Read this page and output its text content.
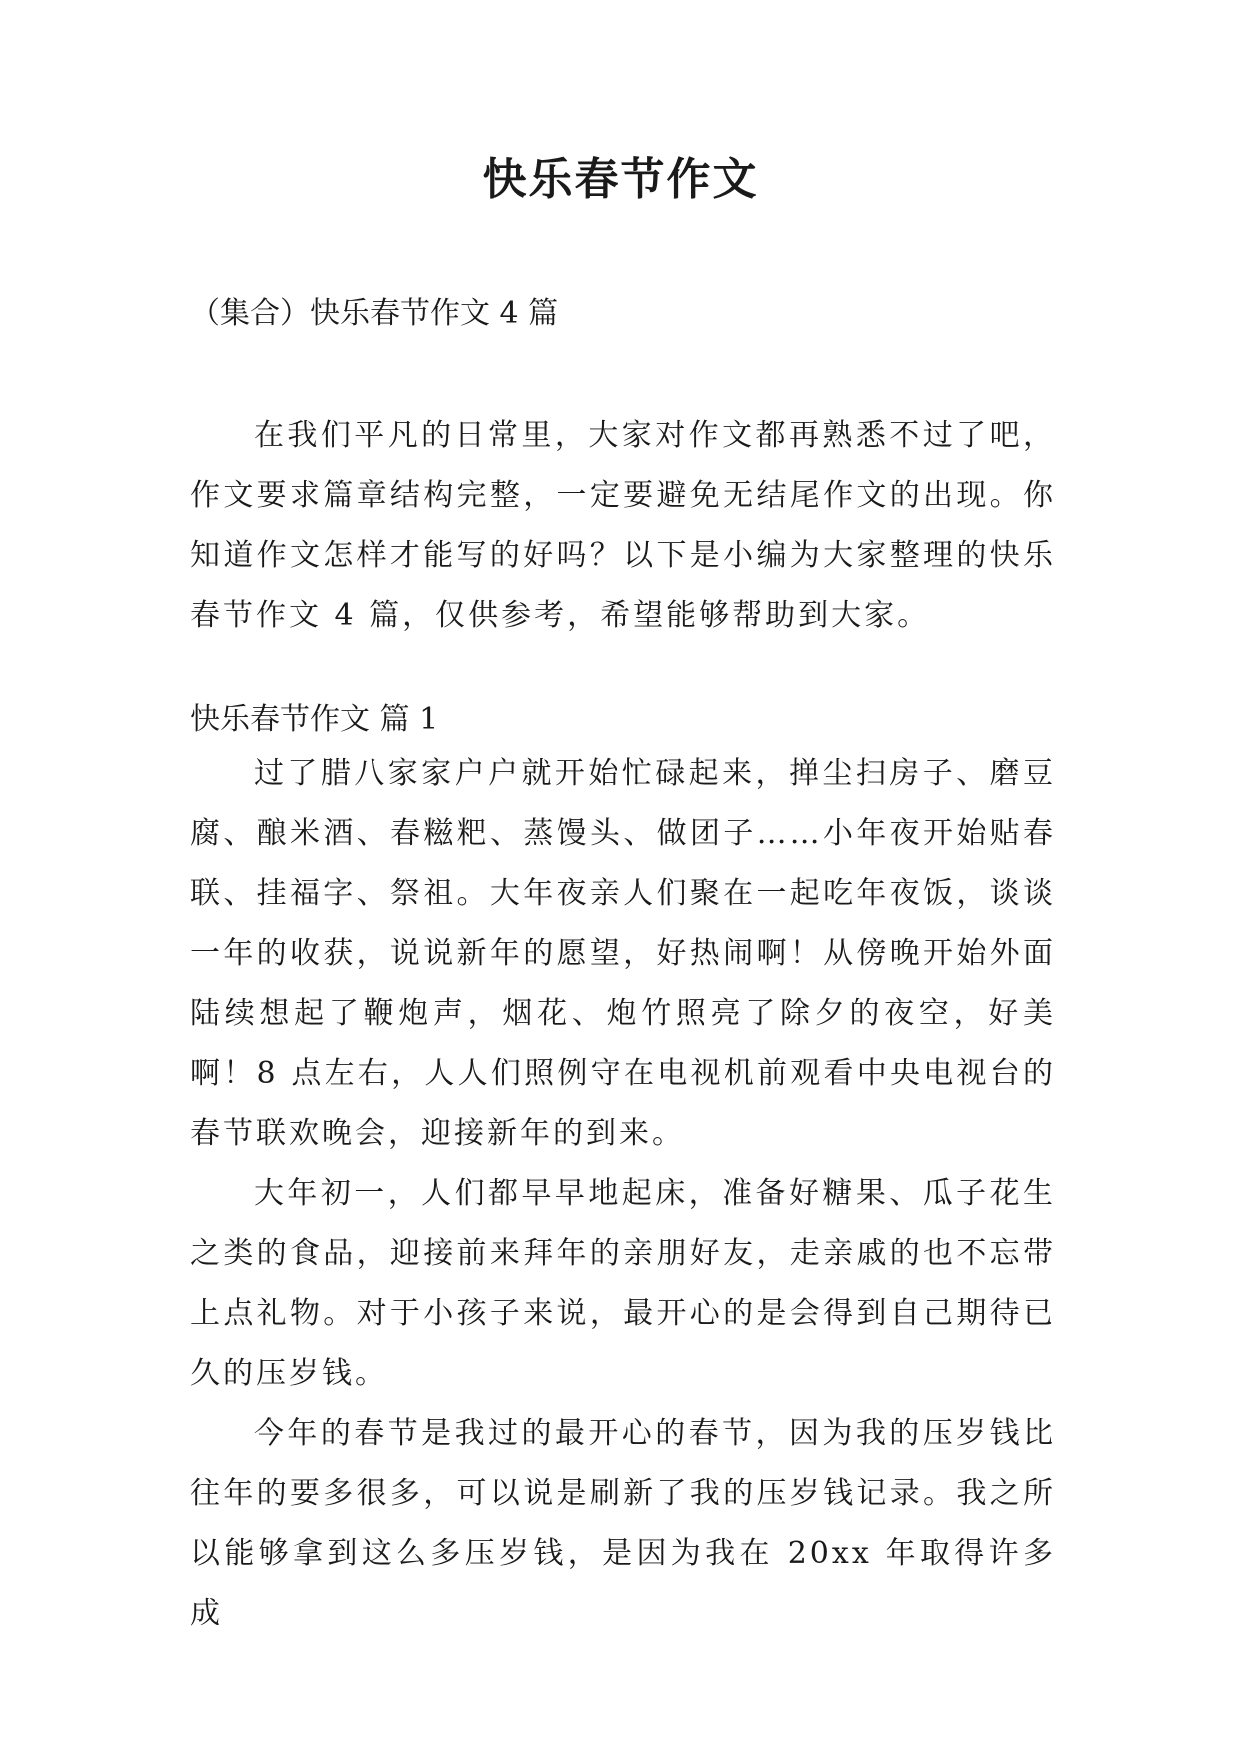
快乐春节作文
（集合）快乐春节作文 4 篇

在我们平凡的日常里，大家对作文都再熟悉不过了吧，作文要求篇章结构完整，一定要避免无结尾作文的出现。你知道作文怎样才能写的好吗？以下是小编为大家整理的快乐春节作文 4 篇，仅供参考，希望能够帮助到大家。

快乐春节作文 篇 1

过了腊八家家户户就开始忙碌起来，掸尘扫房子、磨豆腐、酿米酒、春糍粑、蒸馒头、做团子……小年夜开始贴春联、挂福字、祭祖。大年夜亲人们聚在一起吃年夜饭，谈谈一年的收获，说说新年的愿望，好热闹啊！从傍晚开始外面陆续想起了鞭炮声，烟花、炮竹照亮了除夕的夜空，好美啊！8 点左右，人人们照例守在电视机前观看中央电视台的春节联欢晚会，迎接新年的到来。

大年初一，人们都早早地起床，准备好糖果、瓜子花生之类的食品，迎接前来拜年的亲朋好友，走亲戚的也不忘带上点礼物。对于小孩子来说，最开心的是会得到自己期待已久的压岁钱。

今年的春节是我过的最开心的春节，因为我的压岁钱比往年的要多很多，可以说是刷新了我的压岁钱记录。我之所以能够拿到这么多压岁钱，是因为我在 20xx 年取得许多成
